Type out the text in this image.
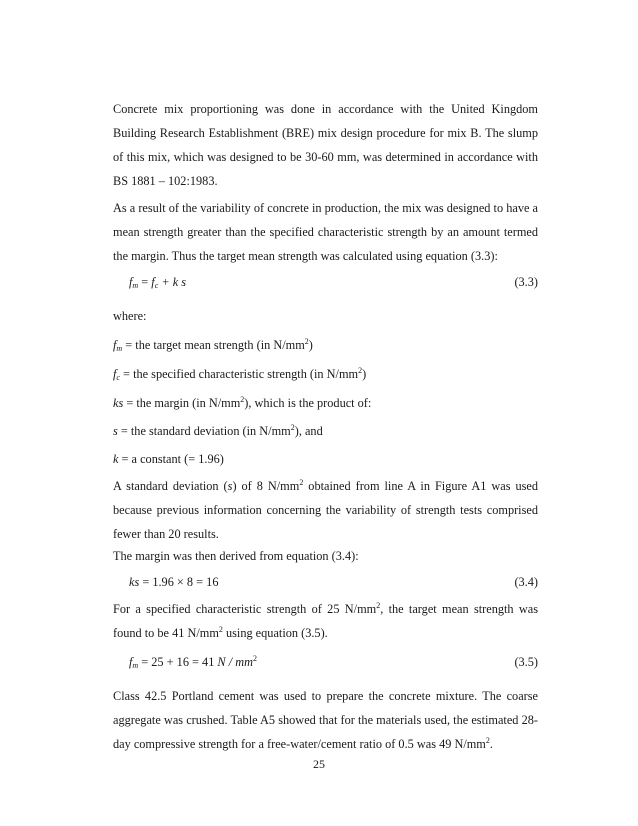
Concrete mix proportioning was done in accordance with the United Kingdom Building Research Establishment (BRE) mix design procedure for mix B. The slump of this mix, which was designed to be 30-60 mm, was determined in accordance with BS 1881 – 102:1983.

As a result of the variability of concrete in production, the mix was designed to have a mean strength greater than the specified characteristic strength by an amount termed the margin. Thus the target mean strength was calculated using equation (3.3):

$f_m = f_c + k$ s	(3.3)

where:

$f_m$ = the target mean strength (in $N/mm^2$)

$f_c$ = the specified characteristic strength (in $N/mm^2$)

ks = the margin (in $N/mm^2$), which is the product of:

s = the standard deviation (in $N/mm^2$), and

k = a constant (= 1.96)

A standard deviation (s) of 8 $N/mm^2$ obtained from line A in Figure A1 was used because previous information concerning the variability of strength tests comprised fewer than 20 results.

The margin was then derived from equation (3.4):

ks = 1.96 × 8 = 16	(3.4)

For a specified characteristic strength of 25 $N/mm^2$, the target mean strength was found to be 41 $N/mm^2$ using equation (3.5).

$f_m = 25 + 16 = 41$ N / $mm^2$	(3.5)

Class 42.5 Portland cement was used to prepare the concrete mixture. The coarse aggregate was crushed. Table A5 showed that for the materials used, the estimated 28-day compressive strength for a free-water/cement ratio of 0.5 was 49 $N/mm^2$.

25
